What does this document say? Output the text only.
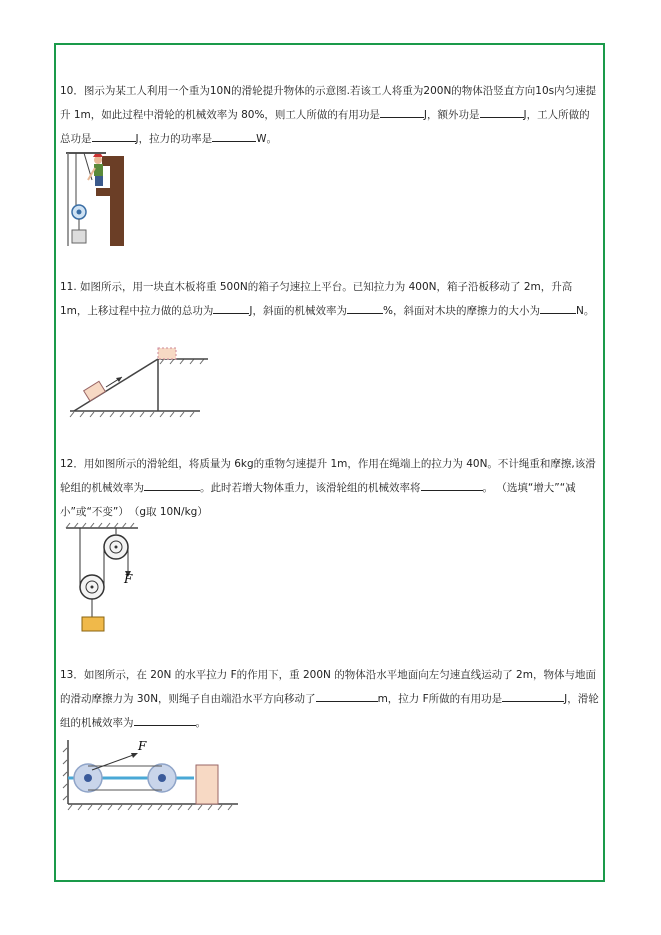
10．图示为某工人利用一个重为10N的滑轮提升物体的示意图.若该工人将重为200N的物体沿竖直方向10s内匀速提升 1m，如此过程中滑轮的机械效率为 80%，则工人所做的有用功是	J，额外功是	J，工人所做的总功是	J，拉力的功率是	W。
11. 如图所示，用一块直木板将重 500N的箱子匀速拉上平台。已知拉力为 400N，箱子沿板移动了 2m，升高 1m，上移过程中拉力做的总功为	J，斜面的机械效率为	%，斜面对木块的摩擦力的大小为	N。
12．用如图所示的滑轮组，将质量为 6kg的重物匀速提升 1m，作用在绳端上的拉力为 40N。不计绳重和摩擦,该滑轮组的机械效率为	。此时若增大物体重力，该滑轮组的机械效率将	。 （选填“增大”“减小”或“不变”）　（g取 10N/kg）
F
13．如图所示，在 20N 的水平拉力 F的作用下，重 200N 的物体沿水平地面向左匀速直线运动了 2m，物体与地面的滑动摩擦力为 30N，则绳子自由端沿水平方向移动了	m，拉力 F所做的有用功是	J，滑轮组的机械效率为	。
F
